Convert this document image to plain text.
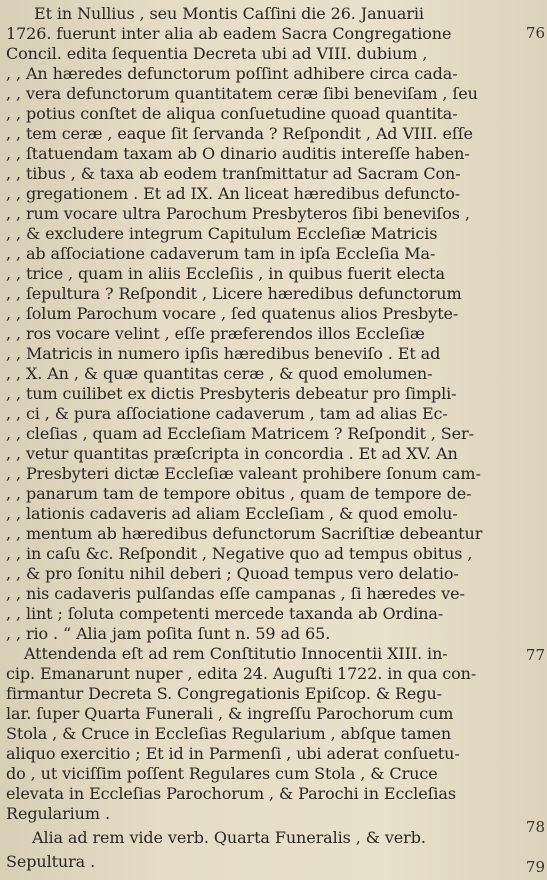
Et in Nullius , seu Montis Caſſini die 26. Januarii
1726. fuerunt inter alia ab eadem Sacra Congregatione
Concil. edita ſequentia Decreta ubi ad VIII. dubium ,
, , An hæredes defunctorum poſſint adhibere circa cada-
, , vera defunctorum quantitatem ceræ ſibi beneviſam , ſeu
, , potius conſtet de aliqua conſuetudine quoad quantita-
, , tem ceræ , eaque ſit ſervanda ? Reſpondit , Ad VIII. eſſe
, , ſtatuendam taxam ab O dinario auditis intereſſe haben-
, , tibus , & taxa ab eodem tranſmittatur ad Sacram Con-
, , gregationem . Et ad IX. An liceat hæredibus defuncto-
, , rum vocare ultra Parochum Presbyteros ſibi beneviſos ,
, , & excludere integrum Capitulum Eccleſiæ Matricis
, , ab aſſociatione cadaverum tam in ipſa Eccleſia Ma-
, , trice , quam in aliis Eccleſiis , in quibus fuerit electa
, , ſepultura ? Reſpondit , Licere hæredibus defunctorum
, , ſolum Parochum vocare , ſed quatenus alios Presbyte-
, , ros vocare velint , eſſe præferendos illos Eccleſiæ
, , Matricis in numero ipſis hæredibus beneviſo . Et ad
, , X. An , & quæ quantitas ceræ , & quod emolumen-
, , tum cuilibet ex dictis Presbyteris debeatur pro ſimpli-
, , ci , & pura aſſociatione cadaverum , tam ad alias Ec-
, , cleſias , quam ad Eccleſiam Matricem ? Reſpondit , Ser-
, , vetur quantitas præſcripta in concordia . Et ad XV. An
, , Presbyteri dictæ Eccleſiæ valeant prohibere ſonum cam-
, , panarum tam de tempore obitus , quam de tempore de-
, , lationis cadaveris ad aliam Eccleſiam , & quod emolu-
, , mentum ab hæredibus defunctorum Sacriſtiæ debeantur
, , in caſu &c. Reſpondit , Negative quo ad tempus obitus ,
, , & pro ſonitu nihil deberi ; Quoad tempus vero delatio-
, , nis cadaveris pulſandas eſſe campanas , ſi hæredes ve-
, , lint ; ſoluta competenti mercede taxanda ab Ordina-
, , rio . “ Alia jam poſita ſunt n. 59 ad 65.
Attendenda eſt ad rem Conſtitutio Innocentii XIII. in-
cip. Emanarunt nuper , edita 24. Auguſti 1722. in qua con-
firmantur Decreta S. Congregationis Epiſcop. & Regu-
lar. ſuper Quarta Funerali , & ingreſſu Parochorum cum
Stola , & Cruce in Eccleſias Regularium , abſque tamen
aliquo exercitio ; Et id in Parmenſi , ubi aderat conſuetu-
do , ut viciſſim poſſent Regulares cum Stola , & Cruce
elevata in Eccleſias Parochorum , & Parochi in Eccleſias
Regularium .
Alia ad rem vide verb. Quarta Funeralis , & verb.
Sepultura .
76
77
78
79
